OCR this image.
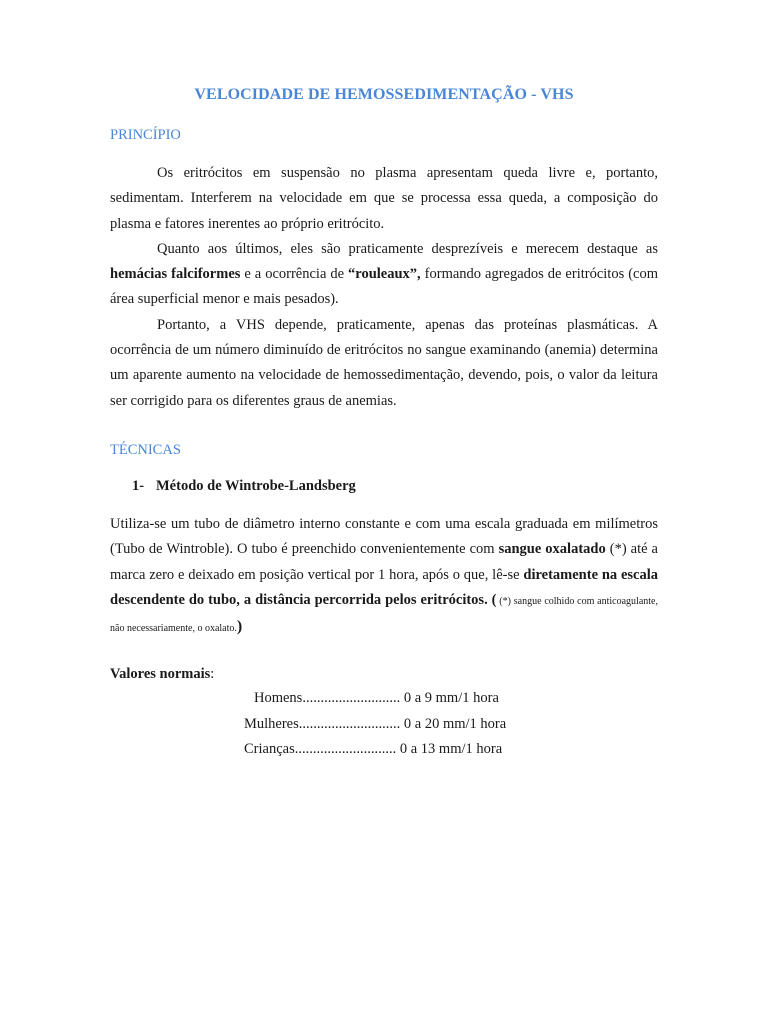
VELOCIDADE DE HEMOSSEDIMENTAÇÃO - VHS
PRINCÍPIO

Os eritrócitos em suspensão no plasma apresentam queda livre e, portanto, sedimentam. Interferem na velocidade em que se processa essa queda, a composição do plasma e fatores inerentes ao próprio eritrócito.

Quanto aos últimos, eles são praticamente desprezíveis e merecem destaque as hemácias falciformes e a ocorrência de “rouleaux”, formando agregados de eritrócitos (com área superficial menor e mais pesados).

Portanto, a VHS depende, praticamente, apenas das proteínas plasmáticas. A ocorrência de um número diminuído de eritrócitos no sangue examinando (anemia) determina um aparente aumento na velocidade de hemossedimentação, devendo, pois, o valor da leitura ser corrigido para os diferentes graus de anemias.

TÉCNICAS
1- Método de Wintrobe-Landsberg

Utiliza-se um tubo de diâmetro interno constante e com uma escala graduada em milímetros (Tubo de Wintroble). O tubo é preenchido convenientemente com sangue oxalatado (*) até a marca zero e deixado em posição vertical por 1 hora, após o que, lê-se diretamente na escala descendente do tubo, a distância percorrida pelos eritrócitos. ( (*) sangue colhido com anticoagulante, não necessariamente, o oxalato.)

Valores normais:
Homens........................... 0 a 9 mm/1 hora
Mulheres............................ 0 a 20 mm/1 hora
Crianças............................ 0 a 13 mm/1 hora
